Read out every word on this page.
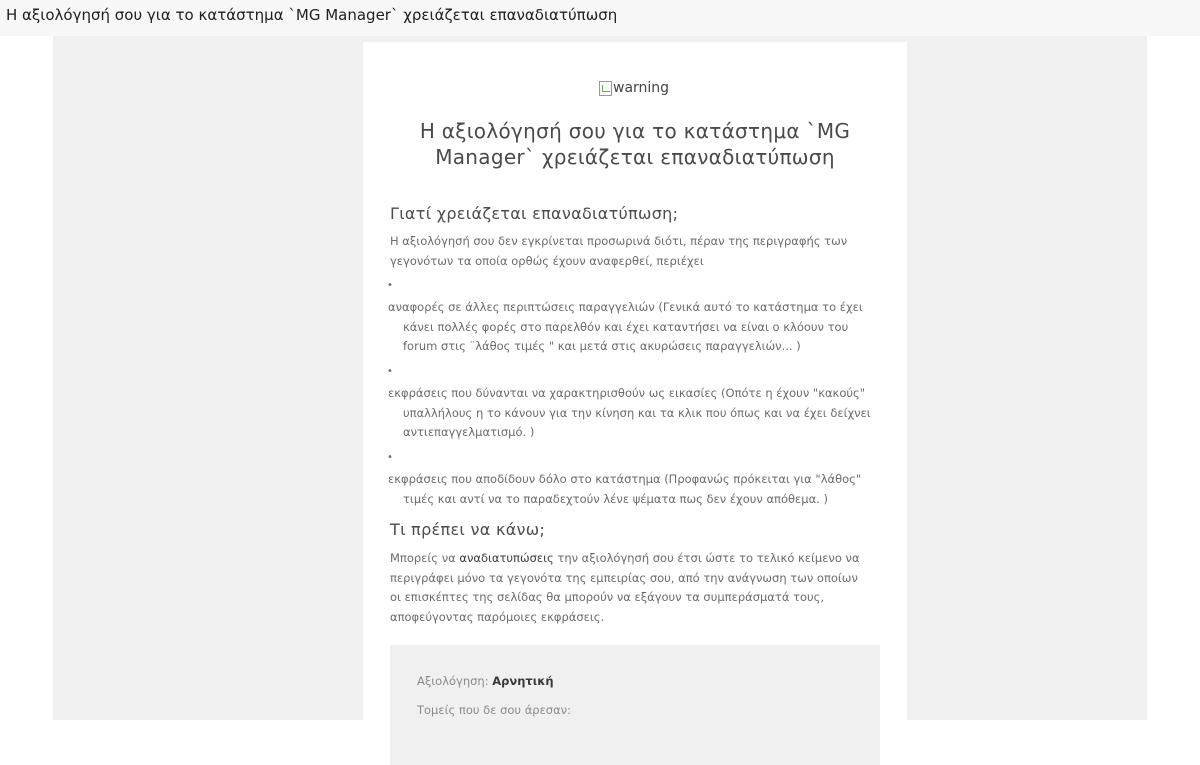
Η αξιολόγησή σου για το κατάστημα `MG Manager` χρειάζεται επαναδιατύπωση
warning
Η αξιολόγησή σου για το κατάστημα `MG Manager` χρειάζεται επαναδιατύπωση
Γιατί χρειάζεται επαναδιατύπωση;
Η αξιολόγησή σου δεν εγκρίνεται προσωρινά διότι, πέραν της περιγραφής των γεγονότων τα οποία ορθώς έχουν αναφερθεί, περιέχει
•
αναφορές σε άλλες περιπτώσεις παραγγελιών (Γενικά αυτό το κατάστημα το έχει κάνει πολλές φορές στο παρελθόν και έχει καταντήσει να είναι ο κλόουν του forum στις ¨λάθος τιμές " και μετά στις ακυρώσεις παραγγελιών... )
•
εκφράσεις που δύνανται να χαρακτηρισθούν ως εικασίες (Οπότε η έχουν "κακούς" υπαλλήλους η το κάνουν για την κίνηση και τα κλικ που όπως και να έχει δείχνει αντιεπαγγελματισμό. )
•
εκφράσεις που αποδίδουν δόλο στο κατάστημα (Προφανώς πρόκειται για "λάθος" τιμές και αντί να το παραδεχτούν λένε ψέματα πως δεν έχουν απόθεμα. )
Τι πρέπει να κάνω;
Μπορείς να αναδιατυπώσεις την αξιολόγησή σου έτσι ώστε το τελικό κείμενο να περιγράφει μόνο τα γεγονότα της εμπειρίας σου, από την ανάγνωση των οποίων οι επισκέπτες της σελίδας θα μπορούν να εξάγουν τα συμπεράσματά τους, αποφεύγοντας παρόμοιες εκφράσεις.
Αξιολόγηση: Αρνητική
Τομείς που δε σου άρεσαν:
